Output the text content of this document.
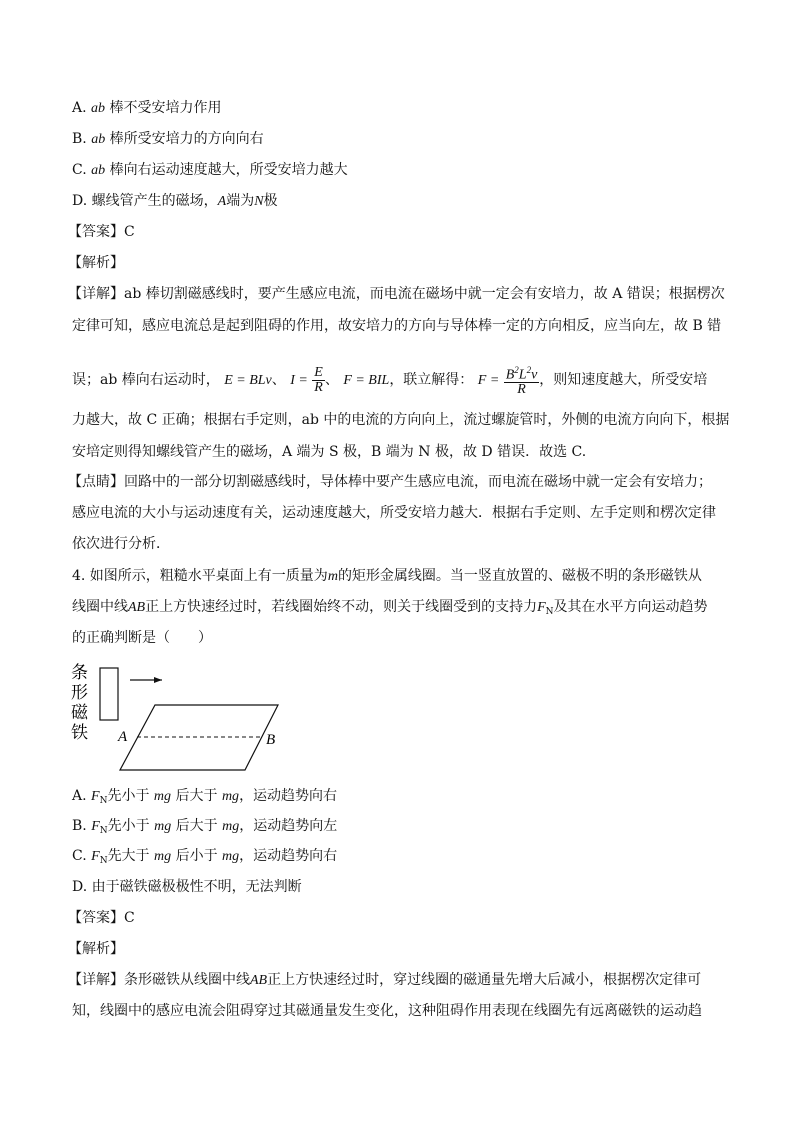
A. ab 棒不受安培力作用
B. ab 棒所受安培力的方向向右
C. ab 棒向右运动速度越大，所受安培力越大
D. 螺线管产生的磁场，A端为N极
【答案】C
【解析】
【详解】ab 棒切割磁感线时，要产生感应电流，而电流在磁场中就一定会有安培力，故 A 错误；根据楞次
定律可知，感应电流总是起到阻碍的作用，故安培力的方向与导体棒一定的方向相反，应当向左，故 B 错
误；ab 棒向右运动时， E = BLv、 $I = \frac{E}{R}$ 、 F = BIL，联立解得： $F = \frac{B^2L^2v}{R}$ ，则知速度越大，所受安培
力越大，故 C 正确；根据右手定则，ab 中的电流的方向向上，流过螺旋管时，外侧的电流方向向下，根据
安培定则得知螺线管产生的磁场，A 端为 S 极，B 端为 N 极，故 D 错误．故选 C.
【点睛】回路中的一部分切割磁感线时，导体棒中要产生感应电流，而电流在磁场中就一定会有安培力；
感应电流的大小与运动速度有关，运动速度越大，所受安培力越大．根据右手定则、左手定则和楞次定律
依次进行分析．
4. 如图所示，粗糙水平桌面上有一质量为m的矩形金属线圈。当一竖直放置的、磁极不明的条形磁铁从
线圈中线AB正上方快速经过时，若线圈始终不动，则关于线圈受到的支持力$F_N$及其在水平方向运动趋势
的正确判断是（　　）
条
形
磁
铁 A	B
A. $F_N$先小于 mg 后大于 mg，运动趋势向右
B. $F_N$先小于 mg 后大于 mg，运动趋势向左
C. $F_N$先大于 mg 后小于 mg，运动趋势向右
D. 由于磁铁磁极极性不明，无法判断
【答案】C
【解析】
【详解】条形磁铁从线圈中线AB正上方快速经过时，穿过线圈的磁通量先增大后减小，根据楞次定律可
知，线圈中的感应电流会阻碍穿过其磁通量发生变化，这种阻碍作用表现在线圈先有远离磁铁的运动趋
